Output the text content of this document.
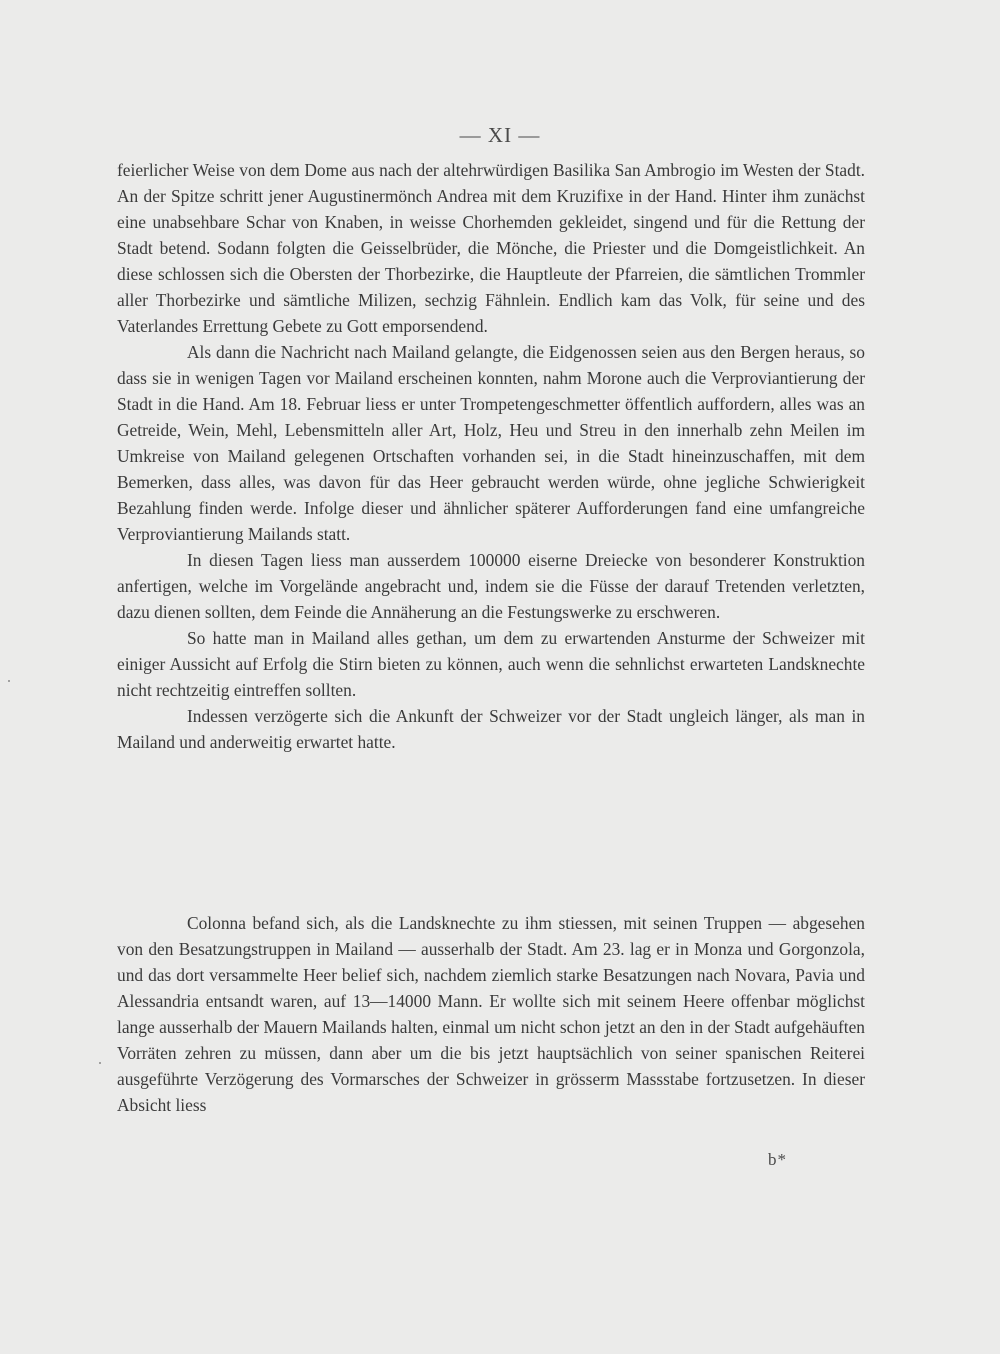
— XI —

feierlicher Weise von dem Dome aus nach der altehrwürdigen Basilika San Ambrogio im Westen der Stadt. An der Spitze schritt jener Augustinermönch Andrea mit dem Kruzifixe in der Hand. Hinter ihm zunächst eine unabsehbare Schar von Knaben, in weisse Chorhemden gekleidet, singend und für die Rettung der Stadt betend. Sodann folgten die Geisselbrüder, die Mönche, die Priester und die Domgeistlichkeit. An diese schlossen sich die Obersten der Thorbezirke, die Hauptleute der Pfarreien, die sämtlichen Trommler aller Thorbezirke und sämtliche Milizen, sechzig Fähnlein. Endlich kam das Volk, für seine und des Vaterlandes Errettung Gebete zu Gott emporsendend.

Als dann die Nachricht nach Mailand gelangte, die Eidgenossen seien aus den Bergen heraus, so dass sie in wenigen Tagen vor Mailand erscheinen konnten, nahm Morone auch die Verproviantierung der Stadt in die Hand. Am 18. Februar liess er unter Trompetengeschmetter öffentlich auffordern, alles was an Getreide, Wein, Mehl, Lebensmitteln aller Art, Holz, Heu und Streu in den innerhalb zehn Meilen im Umkreise von Mailand gelegenen Ortschaften vorhanden sei, in die Stadt hineinzuschaffen, mit dem Bemerken, dass alles, was davon für das Heer gebraucht werden würde, ohne jegliche Schwierigkeit Bezahlung finden werde. Infolge dieser und ähnlicher späterer Aufforderungen fand eine umfangreiche Verproviantierung Mailands statt.

In diesen Tagen liess man ausserdem 100000 eiserne Dreiecke von besonderer Konstruktion anfertigen, welche im Vorgelände angebracht und, indem sie die Füsse der darauf Tretenden verletzten, dazu dienen sollten, dem Feinde die Annäherung an die Festungswerke zu erschweren.

So hatte man in Mailand alles gethan, um dem zu erwartenden Ansturme der Schweizer mit einiger Aussicht auf Erfolg die Stirn bieten zu können, auch wenn die sehnlichst erwarteten Landsknechte nicht rechtzeitig eintreffen sollten.

Indessen verzögerte sich die Ankunft der Schweizer vor der Stadt ungleich länger, als man in Mailand und anderweitig erwartet hatte.

Colonna befand sich, als die Landsknechte zu ihm stiessen, mit seinen Truppen — abgesehen von den Besatzungstruppen in Mailand — ausserhalb der Stadt. Am 23. lag er in Monza und Gorgonzola, und das dort versammelte Heer belief sich, nachdem ziemlich starke Besatzungen nach Novara, Pavia und Alessandria entsandt waren, auf 13—14000 Mann. Er wollte sich mit seinem Heere offenbar möglichst lange ausserhalb der Mauern Mailands halten, einmal um nicht schon jetzt an den in der Stadt aufgehäuften Vorräten zehren zu müssen, dann aber um die bis jetzt hauptsächlich von seiner spanischen Reiterei ausgeführte Verzögerung des Vormarsches der Schweizer in grösserm Massstabe fortzusetzen. In dieser Absicht liess

b*
